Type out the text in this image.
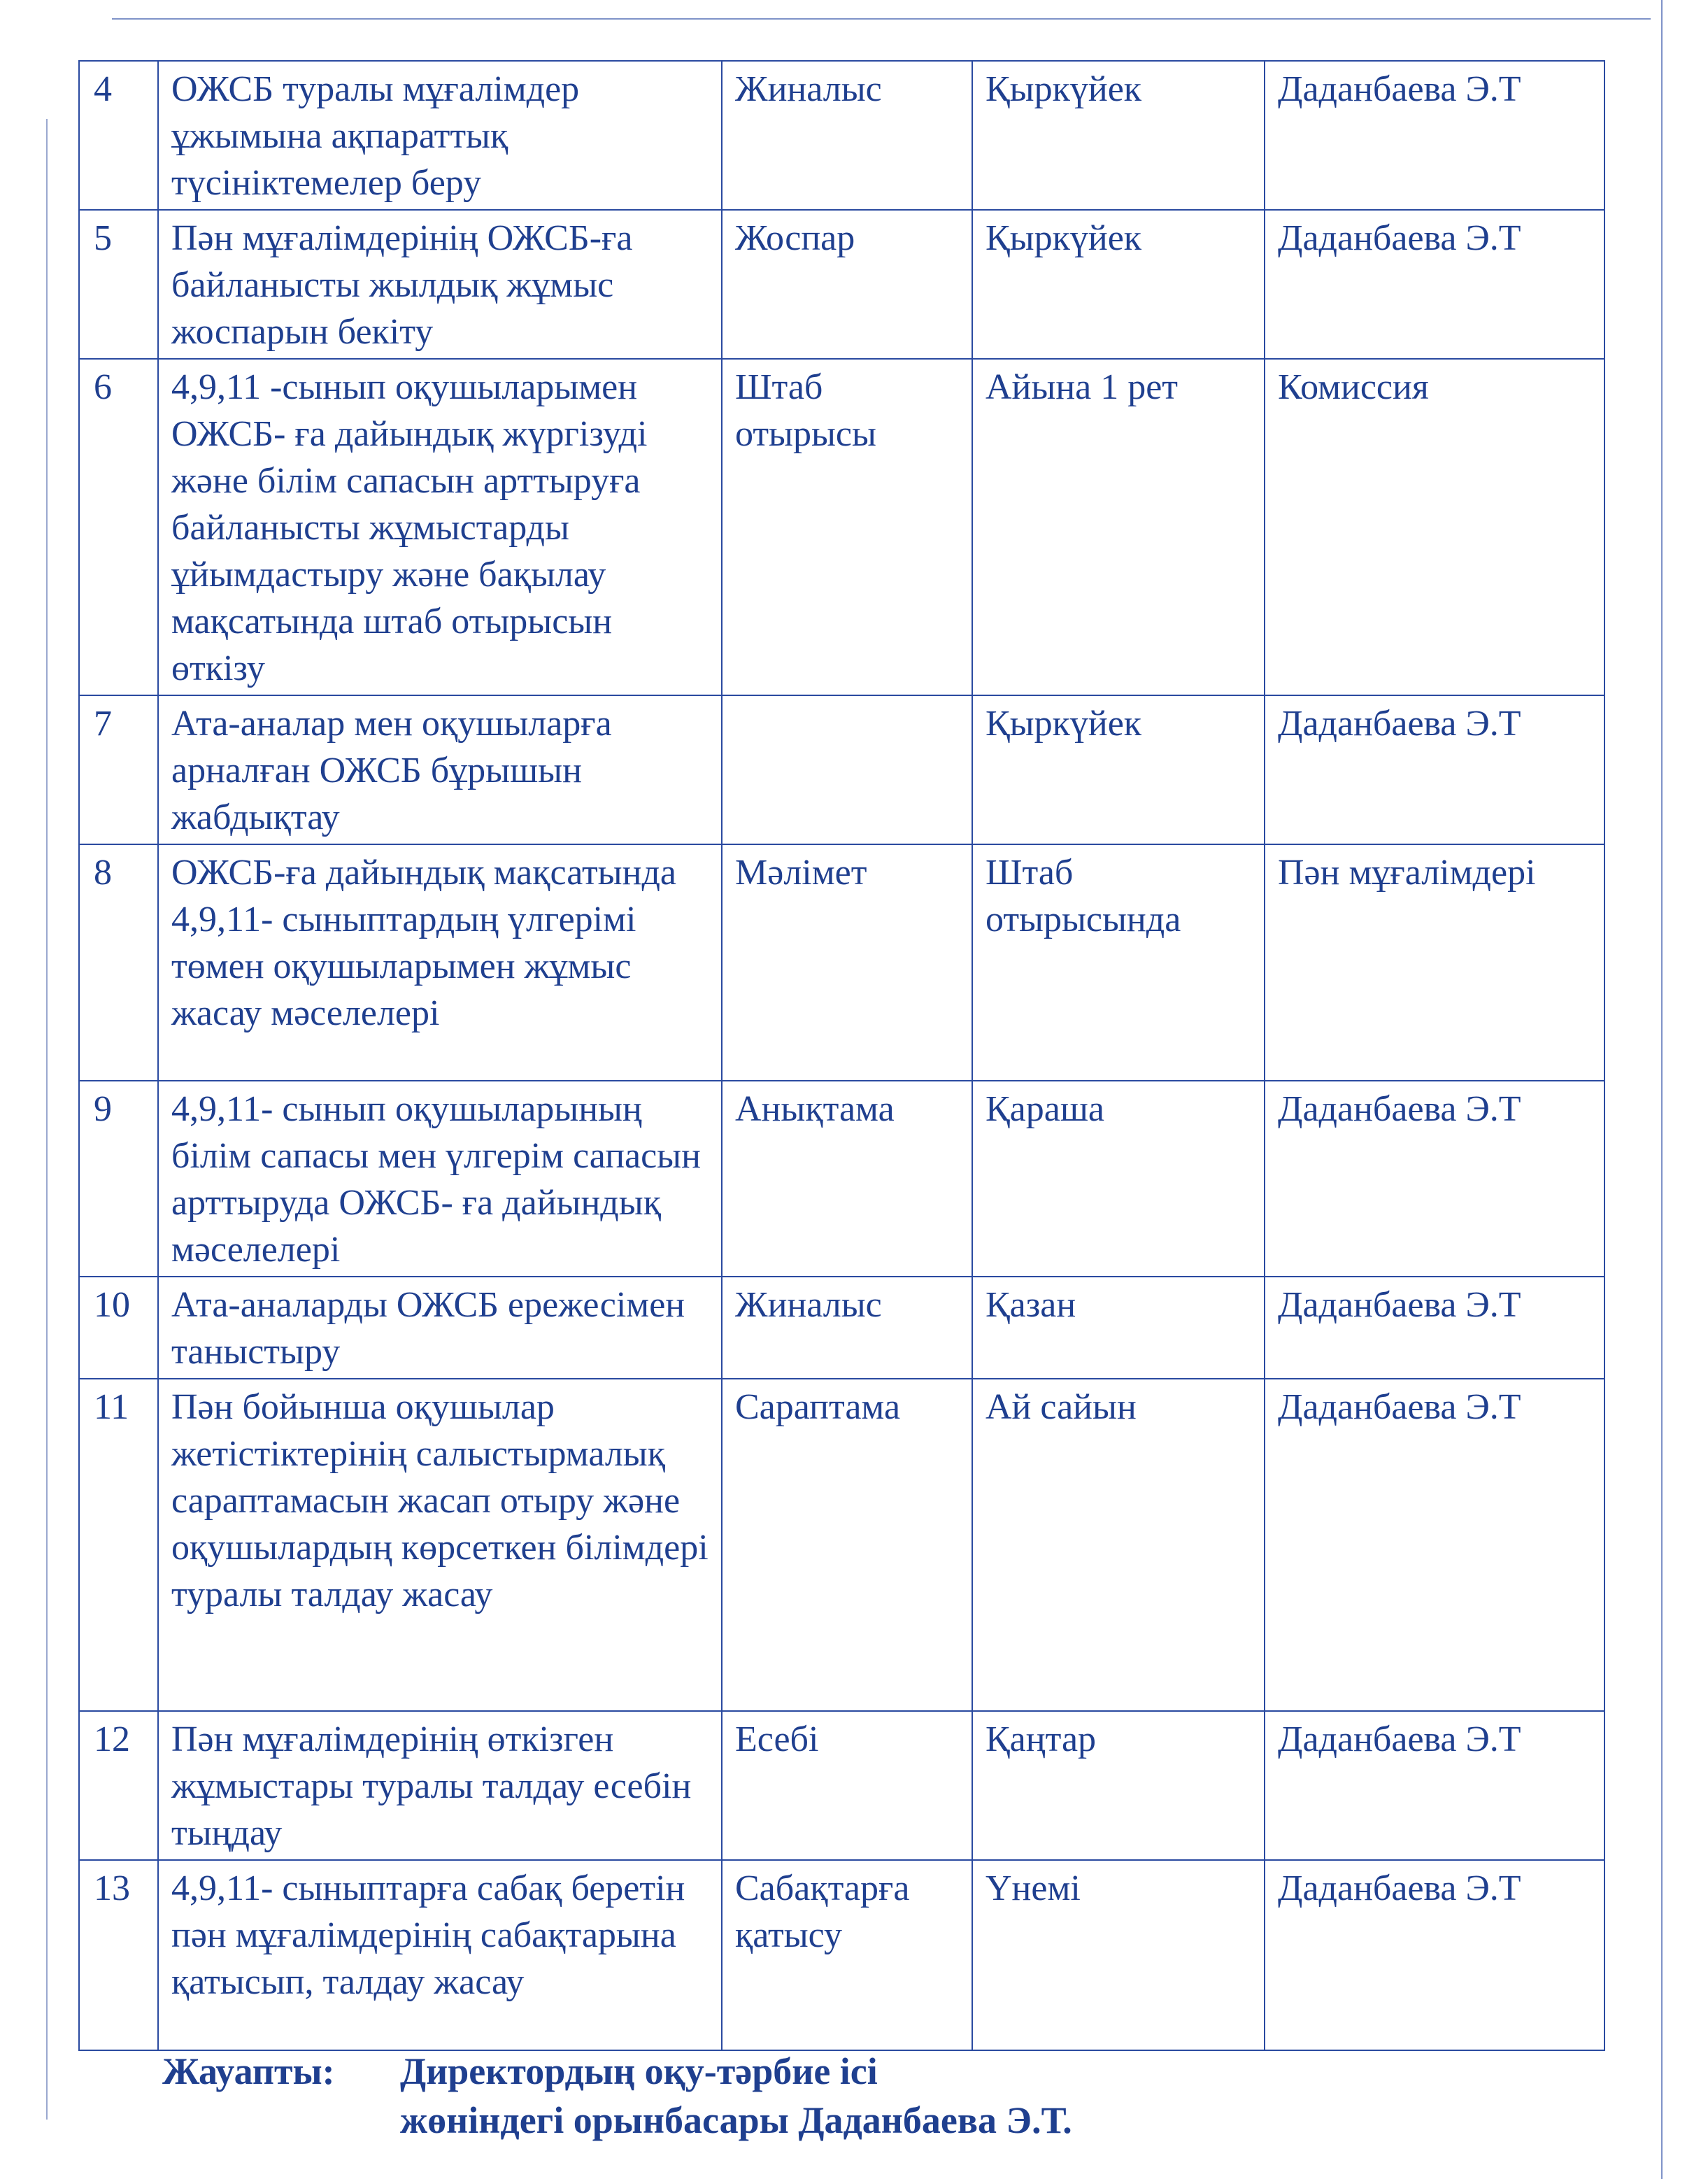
4	ОЖСБ туралы мұғалімдер ұжымына ақпараттық түсініктемелер беру	Жиналыс	Қыркүйек	Даданбаева Э.Т
5	Пән мұғалімдерінің ОЖСБ-ға байланысты жылдық жұмыс жоспарын бекіту	Жоспар	Қыркүйек	Даданбаева Э.Т
6	4,9,11 -сынып оқушыларымен ОЖСБ- ға дайындық жүргізуді және білім сапасын арттыруға байланысты жұмыстарды ұйымдастыру және бақылау мақсатында штаб отырысын өткізу	Штаб отырысы	Айына 1 рет	Комиссия
7	Ата-аналар мен оқушыларға арналған ОЖСБ бұрышын жабдықтау		Қыркүйек	Даданбаева Э.Т
8	ОЖСБ-ға дайындық мақсатында 4,9,11- сыныптардың үлгерімі төмен оқушыларымен жұмыс жасау мәселелері	Мәлімет	Штаб отырысында	Пән мұғалімдері
9	4,9,11- сынып оқушыларының білім сапасы мен үлгерім сапасын арттыруда ОЖСБ- ға дайындық мәселелері	Анықтама	Қараша	Даданбаева Э.Т
10	Ата-аналарды ОЖСБ ережесімен таныстыру	Жиналыс	Қазан	Даданбаева Э.Т
11	Пән бойынша оқушылар жетістіктерінің салыстырмалық сараптамасын жасап отыру және оқушылардың көрсеткен білімдері туралы талдау жасау	Сараптама	Ай сайын	Даданбаева Э.Т
12	Пән мұғалімдерінің өткізген жұмыстары туралы талдау есебін тыңдау	Есебі	Қаңтар	Даданбаева Э.Т
13	4,9,11- сыныптарға сабақ беретін пән мұғалімдерінің сабақтарына қатысып, талдау жасау	Сабақтарға қатысу	Үнемі	Даданбаева Э.Т
Жауапты: Директордың оқу-тәрбие ісі
жөніндегі орынбасары Даданбаева Э.Т.
